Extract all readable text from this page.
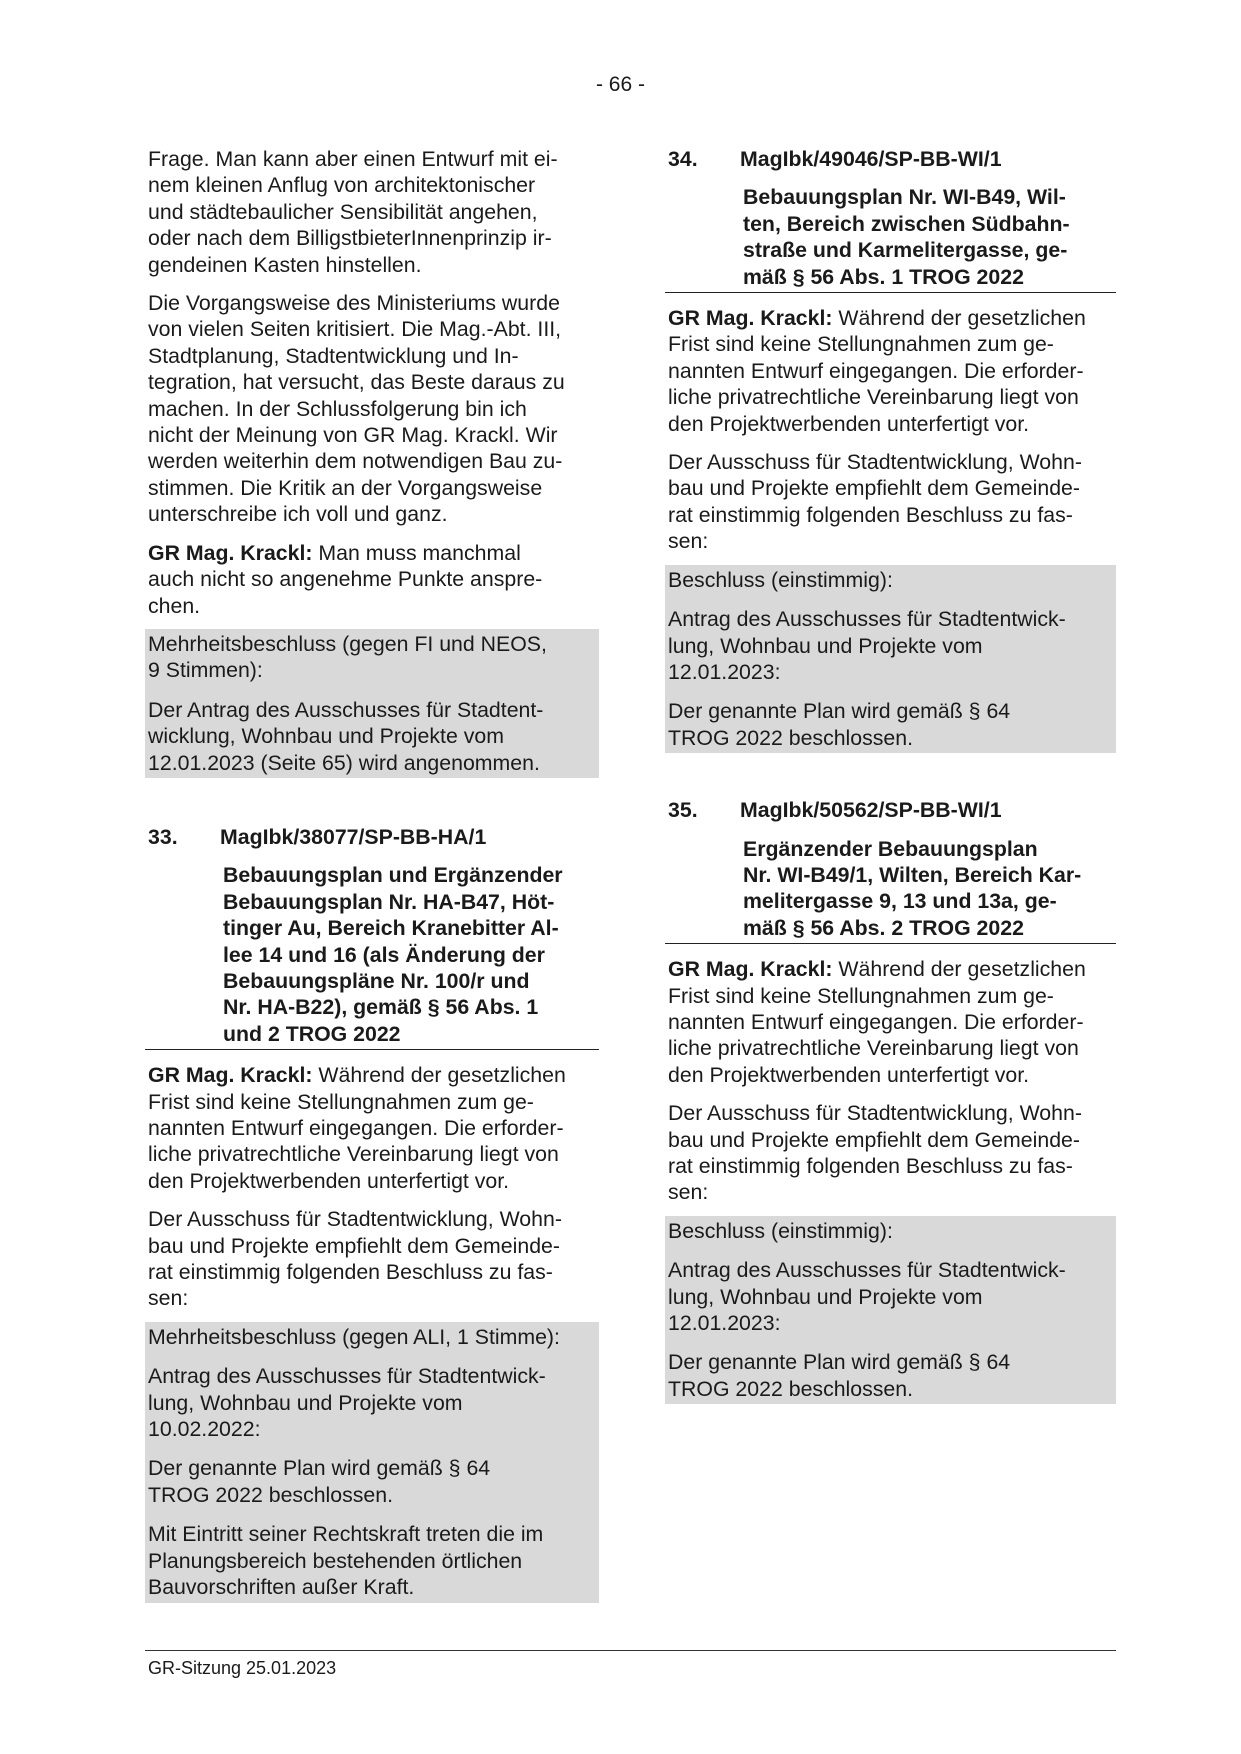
- 66 -
Frage. Man kann aber einen Entwurf mit ei-
nem kleinen Anflug von architektonischer
und städtebaulicher Sensibilität angehen,
oder nach dem BilligstbieterInnenprinzip ir-
gendeinen Kasten hinstellen.
Die Vorgangsweise des Ministeriums wurde
von vielen Seiten kritisiert. Die Mag.-Abt. III,
Stadtplanung, Stadtentwicklung und In-
tegration, hat versucht, das Beste daraus zu
machen. In der Schlussfolgerung bin ich
nicht der Meinung von GR Mag. Krackl. Wir
werden weiterhin dem notwendigen Bau zu-
stimmen. Die Kritik an der Vorgangsweise
unterschreibe ich voll und ganz.
GR Mag. Krackl: Man muss manchmal
auch nicht so angenehme Punkte anspre-
chen.
Mehrheitsbeschluss (gegen FI und NEOS,
9 Stimmen):
Der Antrag des Ausschusses für Stadtent-
wicklung, Wohnbau und Projekte vom
12.01.2023 (Seite 65) wird angenommen.
33. MagIbk/38077/SP-BB-HA/1
Bebauungsplan und Ergänzender
Bebauungsplan Nr. HA-B47, Höt-
tinger Au, Bereich Kranebitter Al-
lee 14 und 16 (als Änderung der
Bebauungspläne Nr. 100/r und
Nr. HA-B22), gemäß § 56 Abs. 1
und 2 TROG 2022
GR Mag. Krackl: Während der gesetzlichen
Frist sind keine Stellungnahmen zum ge-
nannten Entwurf eingegangen. Die erforder-
liche privatrechtliche Vereinbarung liegt von
den Projektwerbenden unterfertigt vor.
Der Ausschuss für Stadtentwicklung, Wohn-
bau und Projekte empfiehlt dem Gemeinde-
rat einstimmig folgenden Beschluss zu fas-
sen:
Mehrheitsbeschluss (gegen ALI, 1 Stimme):
Antrag des Ausschusses für Stadtentwick-
lung, Wohnbau und Projekte vom
10.02.2022:
Der genannte Plan wird gemäß § 64
TROG 2022 beschlossen.
Mit Eintritt seiner Rechtskraft treten die im
Planungsbereich bestehenden örtlichen
Bauvorschriften außer Kraft.
34. MagIbk/49046/SP-BB-WI/1
Bebauungsplan Nr. WI-B49, Wil-
ten, Bereich zwischen Südbahn-
straße und Karmelitergasse, ge-
mäß § 56 Abs. 1 TROG 2022
GR Mag. Krackl: Während der gesetzlichen
Frist sind keine Stellungnahmen zum ge-
nannten Entwurf eingegangen. Die erforder-
liche privatrechtliche Vereinbarung liegt von
den Projektwerbenden unterfertigt vor.
Der Ausschuss für Stadtentwicklung, Wohn-
bau und Projekte empfiehlt dem Gemeinde-
rat einstimmig folgenden Beschluss zu fas-
sen:
Beschluss (einstimmig):
Antrag des Ausschusses für Stadtentwick-
lung, Wohnbau und Projekte vom
12.01.2023:
Der genannte Plan wird gemäß § 64
TROG 2022 beschlossen.
35. MagIbk/50562/SP-BB-WI/1
Ergänzender Bebauungsplan
Nr. WI-B49/1, Wilten, Bereich Kar-
melitergasse 9, 13 und 13a, ge-
mäß § 56 Abs. 2 TROG 2022
GR Mag. Krackl: Während der gesetzlichen
Frist sind keine Stellungnahmen zum ge-
nannten Entwurf eingegangen. Die erforder-
liche privatrechtliche Vereinbarung liegt von
den Projektwerbenden unterfertigt vor.
Der Ausschuss für Stadtentwicklung, Wohn-
bau und Projekte empfiehlt dem Gemeinde-
rat einstimmig folgenden Beschluss zu fas-
sen:
Beschluss (einstimmig):
Antrag des Ausschusses für Stadtentwick-
lung, Wohnbau und Projekte vom
12.01.2023:
Der genannte Plan wird gemäß § 64
TROG 2022 beschlossen.
GR-Sitzung 25.01.2023
